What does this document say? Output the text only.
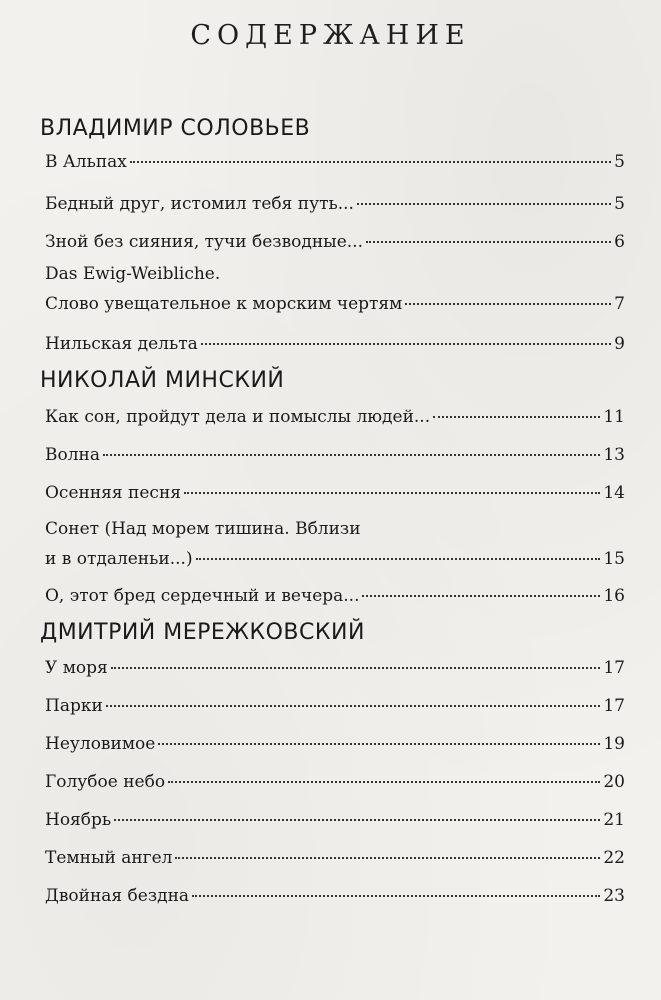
СОДЕРЖАНИЕ
ВЛАДИМИР СОЛОВЬЕВ
В Альпах	5
Бедный друг, истомил тебя путь...	5
Зной без сияния, тучи безводные...	6
Das Ewig-Weibliche.
Слово увещательное к морским чертям	7
Нильская дельта	9
НИКОЛАЙ МИНСКИЙ
Как сон, пройдут дела и помыслы людей...	11
Волна	13
Осенняя песня	14
Сонет (Над морем тишина. Вблизи
и в отдаленьи...)	15
О, этот бред сердечный и вечера...	16
ДМИТРИЙ МЕРЕЖКОВСКИЙ
У моря	17
Парки	17
Неуловимое	19
Голубое небо	20
Ноябрь	21
Темный ангел	22
Двойная бездна	23
